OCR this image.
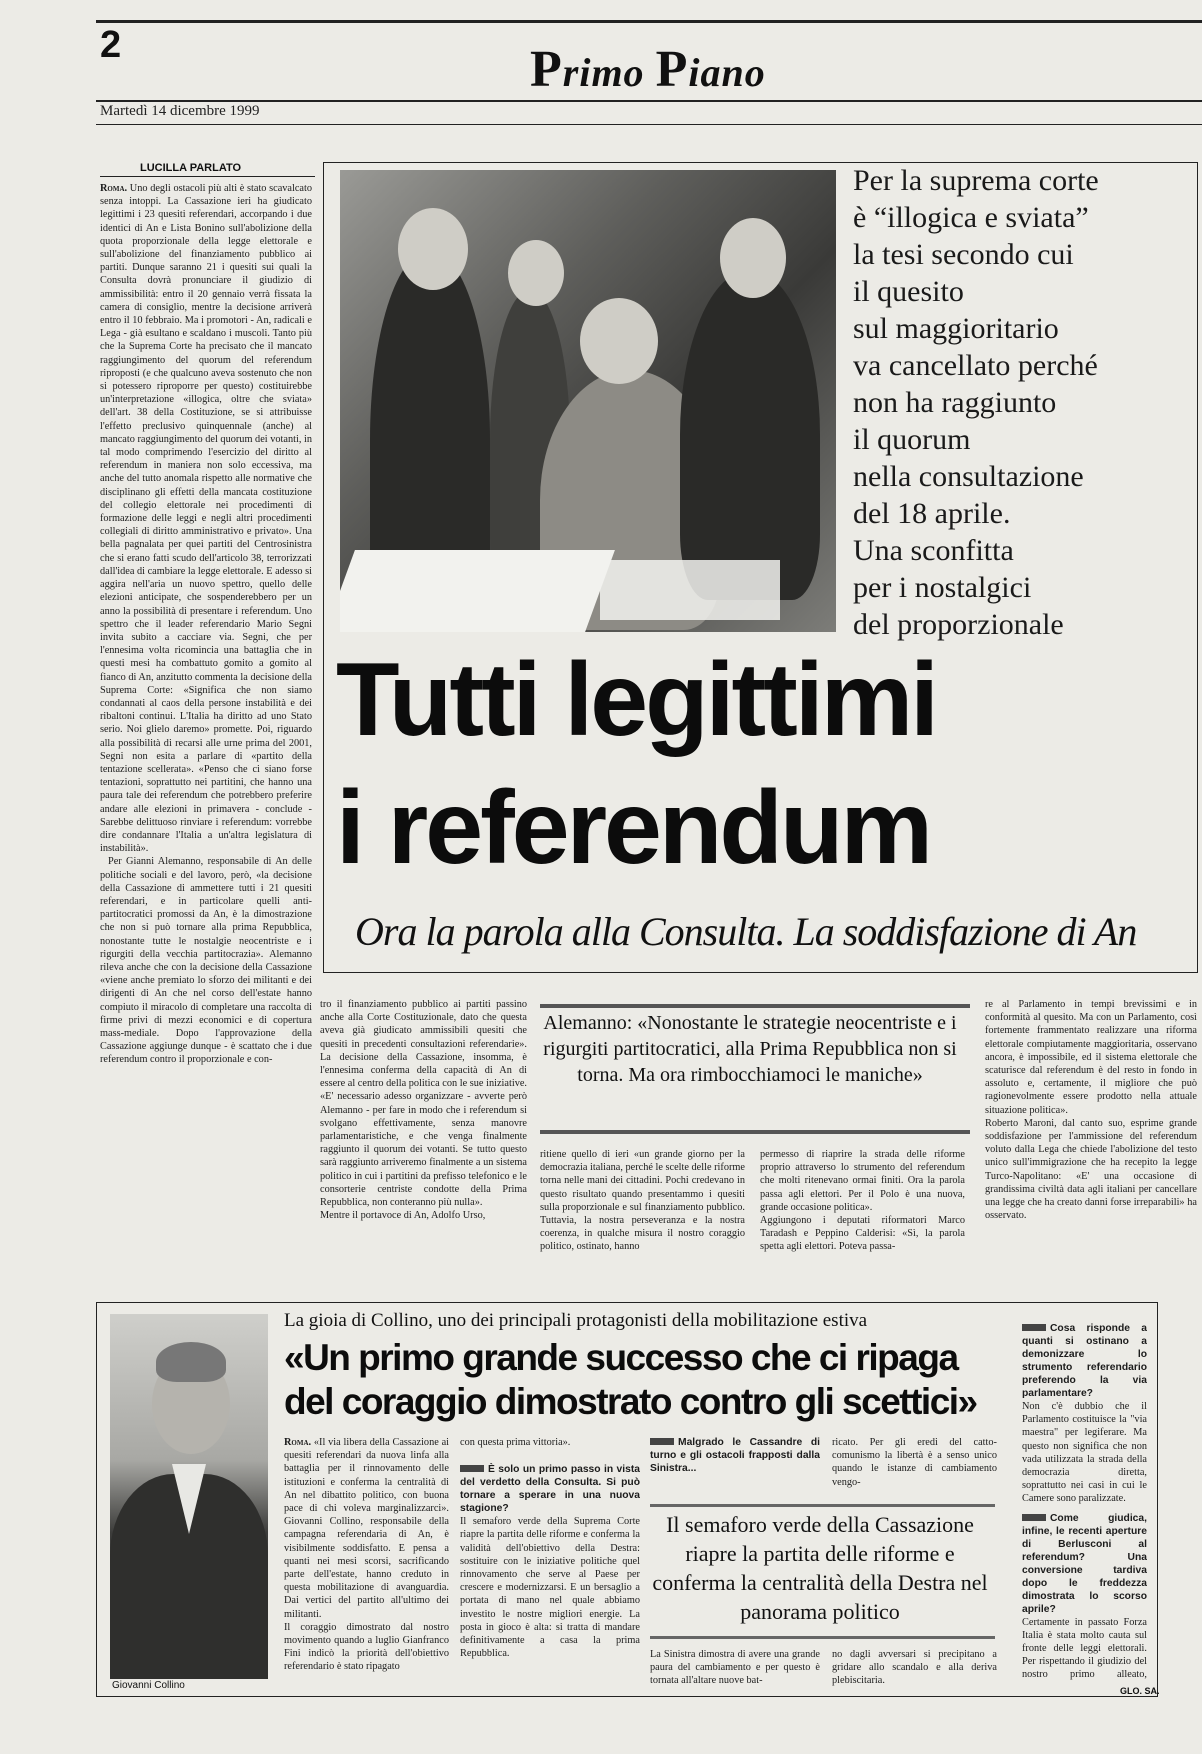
2	Primo Piano
Martedì 14 dicembre 1999
LUCILLA PARLATO

Roma. Uno degli ostacoli più alti è stato scavalcato senza intoppi. La Cassazione ieri ha giudicato legittimi i 23 quesiti referendari, accorpando i due identici di An e Lista Bonino sull'abolizione della quota proporzionale della legge elettorale e sull'abolizione del finanziamento pubblico ai partiti. Dunque saranno 21 i quesiti sui quali la Consulta dovrà pronunciare il giudizio di ammissibilità: entro il 20 gennaio verrà fissata la camera di consiglio, mentre la decisione arriverà entro il 10 febbraio. Ma i promotori - An, radicali e Lega - già esultano e scaldano i muscoli. Tanto più che la Suprema Corte ha precisato che il mancato raggiungimento del quorum del referendum riproposti (e che qualcuno aveva sostenuto che non si potessero riproporre per questo) costituirebbe un'interpretazione «illogica, oltre che sviata» dell'art. 38 della Costituzione, se si attribuisse l'effetto preclusivo quinquennale (anche) al mancato raggiungimento del quorum dei votanti, in tal modo comprimendo l'esercizio del diritto al referendum in maniera non solo eccessiva, ma anche del tutto anomala rispetto alle normative che disciplinano gli effetti della mancata costituzione del collegio elettorale nei procedimenti di formazione delle leggi e negli altri procedimenti collegiali di diritto amministrativo e privato». Una bella pagnalata per quei partiti del Centrosinistra che si erano fatti scudo dell'articolo 38, terrorizzati dall'idea di cambiare la legge elettorale. E adesso si aggira nell'aria un nuovo spettro, quello delle elezioni anticipate, che sospenderebbero per un anno la possibilità di presentare i referendum. Uno spettro che il leader referendario Mario Segni invita subito a cacciare via. Segni, che per l'ennesima volta ricomincia una battaglia che in questi mesi ha combattuto gomito a gomito al fianco di An, anzitutto commenta la decisione della Suprema Corte: «Significa che non siamo condannati al caos della persone instabilità e dei ribaltoni continui. L'Italia ha diritto ad uno Stato serio. Noi glielo daremo» promette. Poi, riguardo alla possibilità di recarsi alle urne prima del 2001, Segni non esita a parlare di «partito della tentazione scellerata». «Penso che ci siano forse tentazioni, soprattutto nei partitini, che hanno una paura tale dei referendum che potrebbero preferire andare alle elezioni in primavera - conclude - Sarebbe delittuoso rinviare i referendum: vorrebbe dire condannare l'Italia a un'altra legislatura di instabilità».

Per Gianni Alemanno, responsabile di An delle politiche sociali e del lavoro, però, «la decisione della Cassazione di ammettere tutti i 21 quesiti referendari, e in particolare quelli anti-partitocratici promossi da An, è la dimostrazione che non si può tornare alla prima Repubblica, nonostante tutte le nostalgie neocentriste e i rigurgiti della vecchia partitocrazia». Alemanno rileva anche che con la decisione della Cassazione «viene anche premiato lo sforzo dei militanti e dei dirigenti di An che nel corso dell'estate hanno compiuto il miracolo di completare una raccolta di firme privi di mezzi economici e di copertura mass-mediale. Dopo l'approvazione della Cassazione aggiunge dunque - è scattato che i due referendum contro il proporzionale e con-

Per la suprema corte
è “illogica e sviata”
la tesi secondo cui
il quesito
sul maggioritario
va cancellato perché
non ha raggiunto
il quorum
nella consultazione
del 18 aprile.
Una sconfitta
per i nostalgici
del proporzionale
Tutti legittimi
i referendum
Ora la parola alla Consulta. La soddisfazione di An
tro il finanziamento pubblico ai partiti passino anche alla Corte Costituzionale, dato che questa aveva già giudicato ammissibili quesiti che quesiti in precedenti consultazioni referendarie». La decisione della Cassazione, insomma, è l'ennesima conferma della capacità di An di essere al centro della politica con le sue iniziative. «E' necessario adesso organizzare - avverte però Alemanno - per fare in modo che i referendum si svolgano effettivamente, senza manovre parlamentaristiche, e che venga finalmente raggiunto il quorum dei votanti. Se tutto questo sarà raggiunto arriveremo finalmente a un sistema politico in cui i partitini da prefisso telefonico e le consorterie centriste condotte della Prima Repubblica, non conteranno più nulla».
Mentre il portavoce di An, Adolfo Urso,
Alemanno: «Nonostante le strategie neocentriste e i rigurgiti partitocratici, alla Prima Repubblica non si torna. Ma ora rimbocchiamoci le maniche»
ritiene quello di ieri «un grande giorno per la democrazia italiana, perché le scelte delle riforme torna nelle mani dei cittadini. Pochi credevano in questo risultato quando presentammo i quesiti sulla proporzionale e sul finanziamento pubblico. Tuttavia, la nostra perseveranza e la nostra coerenza, in qualche misura il nostro coraggio politico, ostinato, hanno
permesso di riaprire la strada delle riforme proprio attraverso lo strumento del referendum che molti ritenevano ormai finiti. Ora la parola passa agli elettori. Per il Polo è una nuova, grande occasione politica».
Aggiungono i deputati riformatori Marco Taradash e Peppino Calderisi: «Sì, la parola spetta agli elettori. Poteva passa-
re al Parlamento in tempi brevissimi e in conformità al quesito. Ma con un Parlamento, così fortemente frammentato realizzare una riforma elettorale compiutamente maggioritaria, osservano ancora, è impossibile, ed il sistema elettorale che scaturisce dal referendum è del resto in fondo in assoluto e, certamente, il migliore che può ragionevolmente essere prodotto nella attuale situazione politica».
Roberto Maroni, dal canto suo, esprime grande soddisfazione per l'ammissione del referendum voluto dalla Lega che chiede l'abolizione del testo unico sull'immigrazione che ha recepito la legge Turco-Napolitano: «E' una occasione di grandissima civiltà data agli italiani per cancellare una legge che ha creato danni forse irreparabili» ha osservato.
Giovanni Collino
La gioia di Collino, uno dei principali protagonisti della mobilitazione estiva
«Un primo grande successo che ci ripaga
del coraggio dimostrato contro gli scettici»
Roma. «Il via libera della Cassazione ai quesiti referendari da nuova linfa alla battaglia per il rinnovamento delle istituzioni e conferma la centralità di An nel dibattito politico, con buona pace di chi voleva marginalizzarci». Giovanni Collino, responsabile della campagna referendaria di An, è visibilmente soddisfatto. E pensa a quanti nei mesi scorsi, sacrificando parte dell'estate, hanno creduto in questa mobilitazione di avanguardia. Dai vertici del partito all'ultimo dei militanti.
Il coraggio dimostrato dal nostro movimento quando a luglio Gianfranco Fini indicò la priorità dell'obiettivo referendario è stato ripagato
con questa prima vittoria».
È solo un primo passo in vista del verdetto della Consulta. Si può tornare a sperare in una nuova stagione?
Il semaforo verde della Suprema Corte riapre la partita delle riforme e conferma la validità dell'obiettivo della Destra: sostituire con le iniziative politiche quel rinnovamento che serve al Paese per crescere e modernizzarsi. E un bersaglio a portata di mano nel quale abbiamo investito le nostre migliori energie. La posta in gioco è alta: si tratta di mandare definitivamente a casa la prima Repubblica.
Malgrado le Cassandre di turno e gli ostacoli frapposti dalla Sinistra...
ricato. Per gli eredi del catto-comunismo la libertà è a senso unico quando le istanze di cambiamento vengo-
Il semaforo verde della Cassazione riapre la partita delle riforme e conferma la centralità della Destra nel panorama politico
La Sinistra dimostra di avere una grande paura del cambiamento e per questo è tornata all'altare nuove bat-
no dagli avversari si precipitano a gridare allo scandalo e alla deriva plebiscitaria.
Cosa risponde a quanti si ostinano a demonizzare lo strumento referendario preferendo la via parlamentare?
Non c'è dubbio che il Parlamento costituisce la "via maestra" per legiferare. Ma questo non significa che non vada utilizzata la strada della democrazia diretta, soprattutto nei casi in cui le Camere sono paralizzate.
Come giudica, infine, le recenti aperture di Berlusconi al referendum? Una conversione tardiva dopo le freddezza dimostrata lo scorso aprile?
Certamente in passato Forza Italia è stata molto cauta sul fronte delle leggi elettorali. Per rispettando il giudizio del nostro primo alleato,
GLO. SA.
